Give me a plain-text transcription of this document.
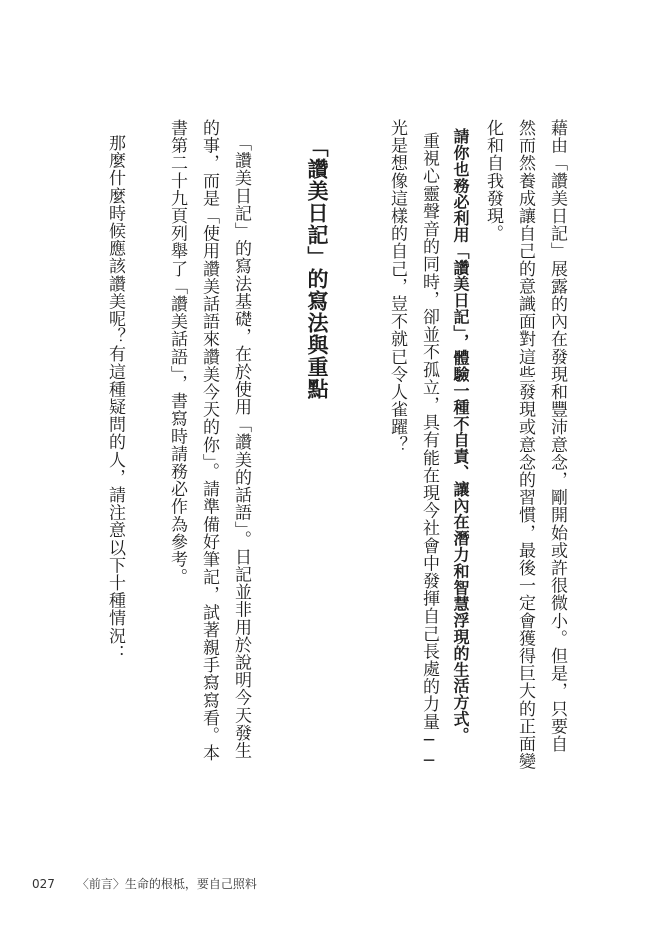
藉由「讚美日記」展露的內在發現和豐沛意念，剛開始或許很微小。但是，只要自
然而然養成讓自己的意識面對這些發現或意念的習慣，最後一定會獲得巨大的正面變
化和自我發現。
請你也務必利用「讚美日記」，體驗一種不自責、讓內在潛力和智慧浮現的生活方式。
重視心靈聲音的同時，卻並不孤立，具有能在現今社會中發揮自己長處的力量──
光是想像這樣的自己，豈不就已令人雀躍？
「讚美日記」的寫法與重點
「讚美日記」的寫法基礎，在於使用「讚美的話語」。日記並非用於說明今天發生
的事，而是「使用讚美話語來讚美今天的你」。請準備好筆記，試著親手寫寫看。本
書第二十九頁列舉了「讚美話語」，書寫時請務必作為參考。
那麼什麼時候應該讚美呢？有這種疑問的人，請注意以下十種情況：
027 〈前言〉生命的根柢，要自己照料
